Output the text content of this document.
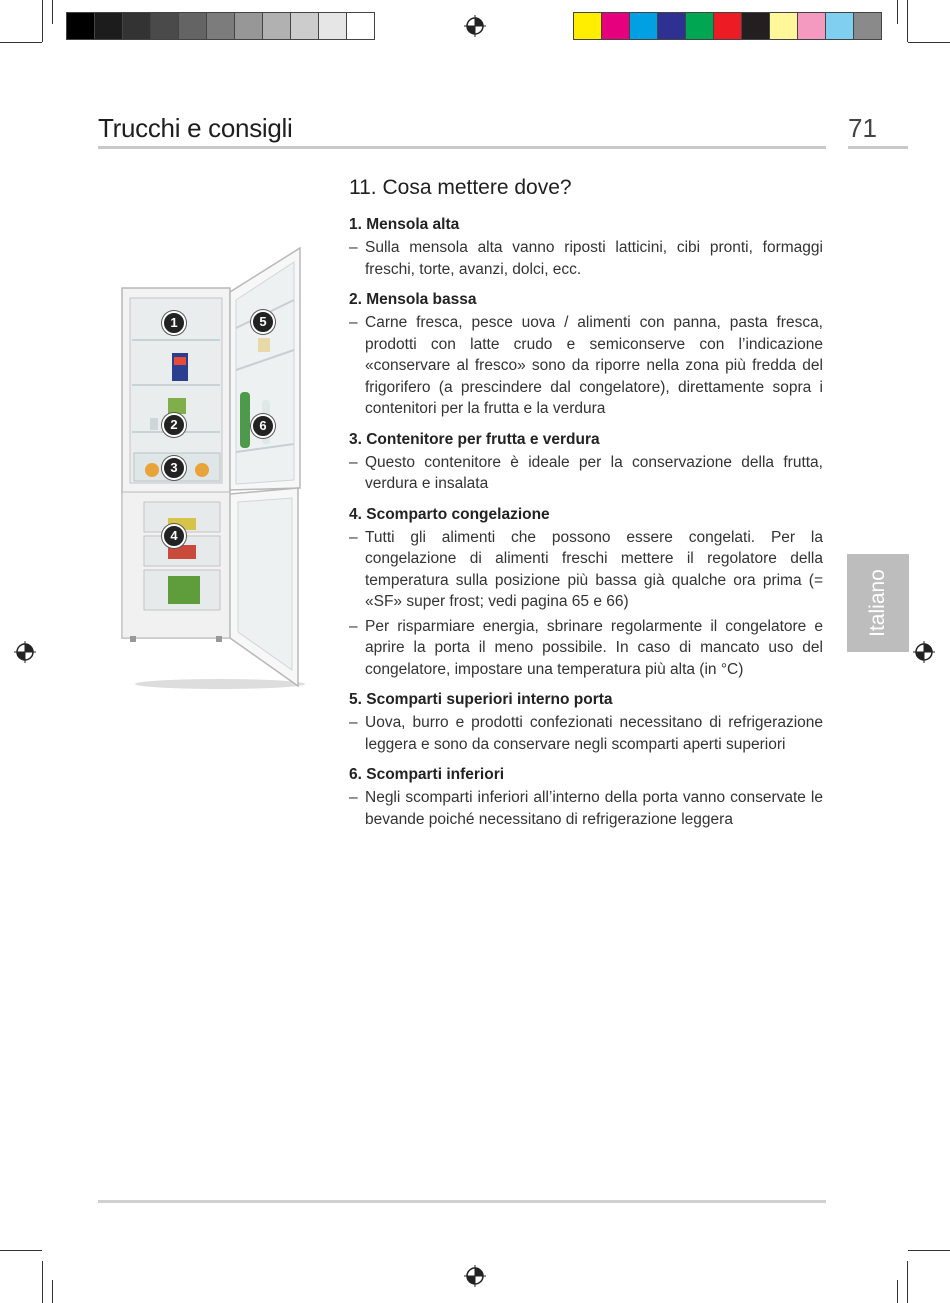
Trucchi e consigli	71
Italiano
1
2
3
4
5
6
11. Cosa mettere dove?
1. Mensola alta
– Sulla mensola alta vanno riposti latticini, cibi pronti, formaggi freschi, torte, avanzi, dolci, ecc.
2. Mensola bassa
– Carne fresca, pesce uova / alimenti con panna, pasta fresca, prodotti con latte crudo e semiconserve con l’indicazione «conservare al fresco» sono da riporre nella zona più fredda del frigorifero (a prescindere dal congelatore), direttamente sopra i contenitori per la frutta e la verdura
3. Contenitore per frutta e verdura
– Questo contenitore è ideale per la conservazione della frutta, verdura e insalata
4. Scomparto congelazione
– Tutti gli alimenti che possono essere congelati. Per la congelazione di alimenti freschi mettere il regolatore della temperatura sulla posizione più bassa già qualche ora prima (= «SF» super frost; vedi pagina 65 e 66)
– Per risparmiare energia, sbrinare regolarmente il congelatore e aprire la porta il meno possibile. In caso di mancato uso del congelatore, impostare una temperatura più alta (in °C)
5. Scomparti superiori interno porta
– Uova, burro e prodotti confezionati necessitano di refrigerazione leggera e sono da conservare negli scomparti aperti superiori
6. Scomparti inferiori
– Negli scomparti inferiori all’interno della porta vanno conservate le bevande poiché necessitano di refrigerazione leggera
